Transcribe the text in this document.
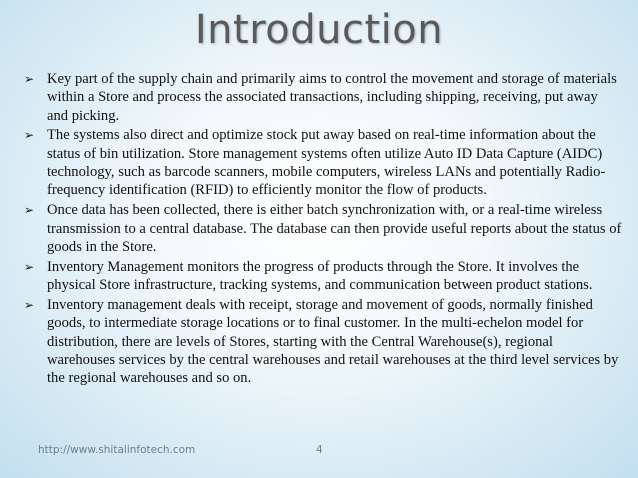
Introduction
➢ Key part of the supply chain and primarily aims to control the movement and storage of materials within a Store and process the associated transactions, including shipping, receiving, put away and picking.
➢ The systems also direct and optimize stock put away based on real-time information about the status of bin utilization. Store management systems often utilize Auto ID Data Capture (AIDC) technology, such as barcode scanners, mobile computers, wireless LANs and potentially Radio-frequency identification (RFID) to efficiently monitor the flow of products.
➢ Once data has been collected, there is either batch synchronization with, or a real-time wireless transmission to a central database. The database can then provide useful reports about the status of goods in the Store.
➢ Inventory Management monitors the progress of products through the Store. It involves the physical Store infrastructure, tracking systems, and communication between product stations.
➢ Inventory management deals with receipt, storage and movement of goods, normally finished goods, to intermediate storage locations or to final customer. In the multi-echelon model for distribution, there are levels of Stores, starting with the Central Warehouse(s), regional warehouses services by the central warehouses and retail warehouses at the third level services by the regional warehouses and so on.
http://www.shitalinfotech.com	4
